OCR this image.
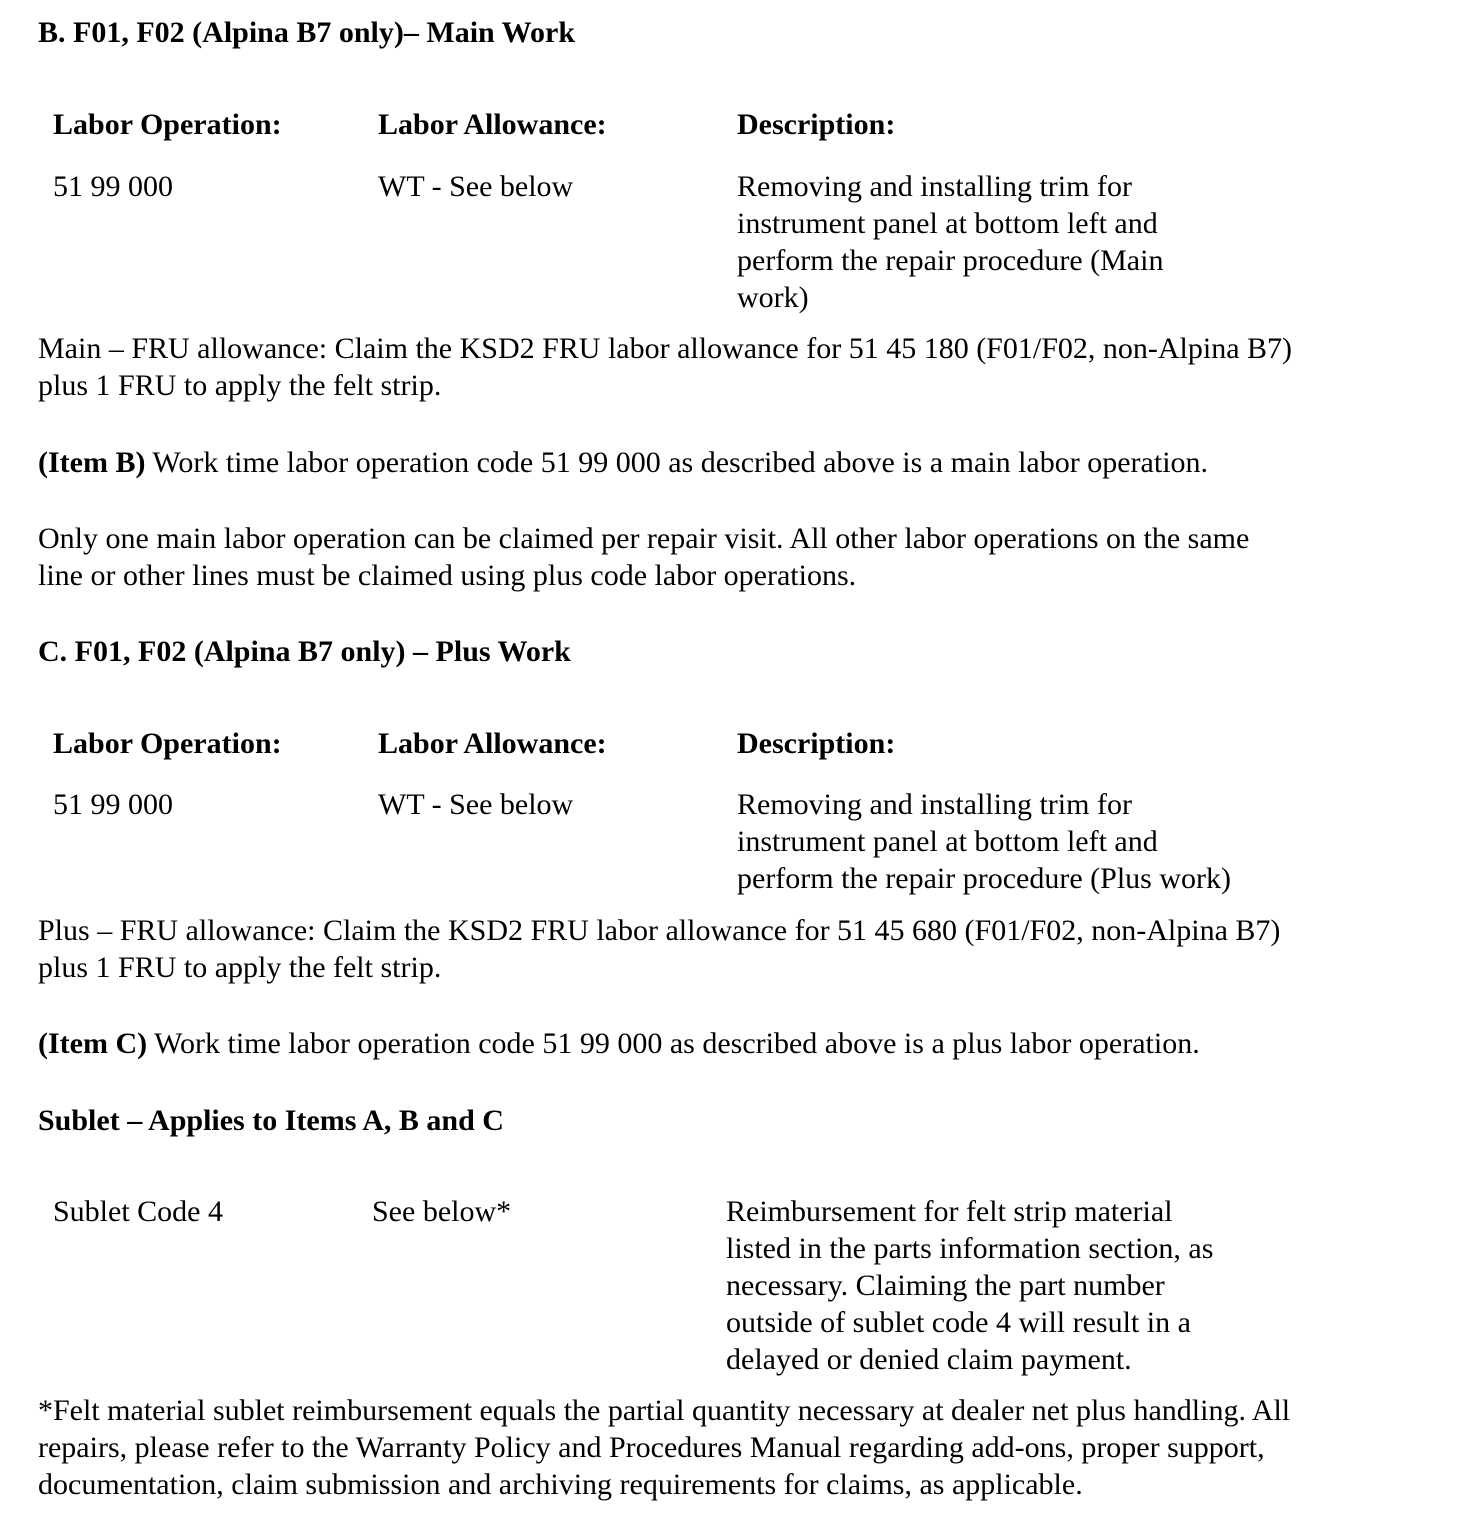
B. F01, F02 (Alpina B7 only)– Main Work
Labor Operation:	Labor Allowance:	Description:
51 99 000	WT - See below	Removing and installing trim for
instrument panel at bottom left and
perform the repair procedure (Main
work)
Main – FRU allowance: Claim the KSD2 FRU labor allowance for 51 45 180 (F01/F02, non-Alpina B7)
plus 1 FRU to apply the felt strip.
(Item B) Work time labor operation code 51 99 000 as described above is a main labor operation.
Only one main labor operation can be claimed per repair visit. All other labor operations on the same
line or other lines must be claimed using plus code labor operations.
C. F01, F02 (Alpina B7 only) – Plus Work
Labor Operation:	Labor Allowance:	Description:
51 99 000	WT - See below	Removing and installing trim for
instrument panel at bottom left and
perform the repair procedure (Plus work)
Plus – FRU allowance: Claim the KSD2 FRU labor allowance for 51 45 680 (F01/F02, non-Alpina B7)
plus 1 FRU to apply the felt strip.
(Item C) Work time labor operation code 51 99 000 as described above is a plus labor operation.
Sublet – Applies to Items A, B and C
Sublet Code 4	See below*	Reimbursement for felt strip material
listed in the parts information section, as
necessary. Claiming the part number
outside of sublet code 4 will result in a
delayed or denied claim payment.
*Felt material sublet reimbursement equals the partial quantity necessary at dealer net plus handling. All
repairs, please refer to the Warranty Policy and Procedures Manual regarding add-ons, proper support,
documentation, claim submission and archiving requirements for claims, as applicable.
